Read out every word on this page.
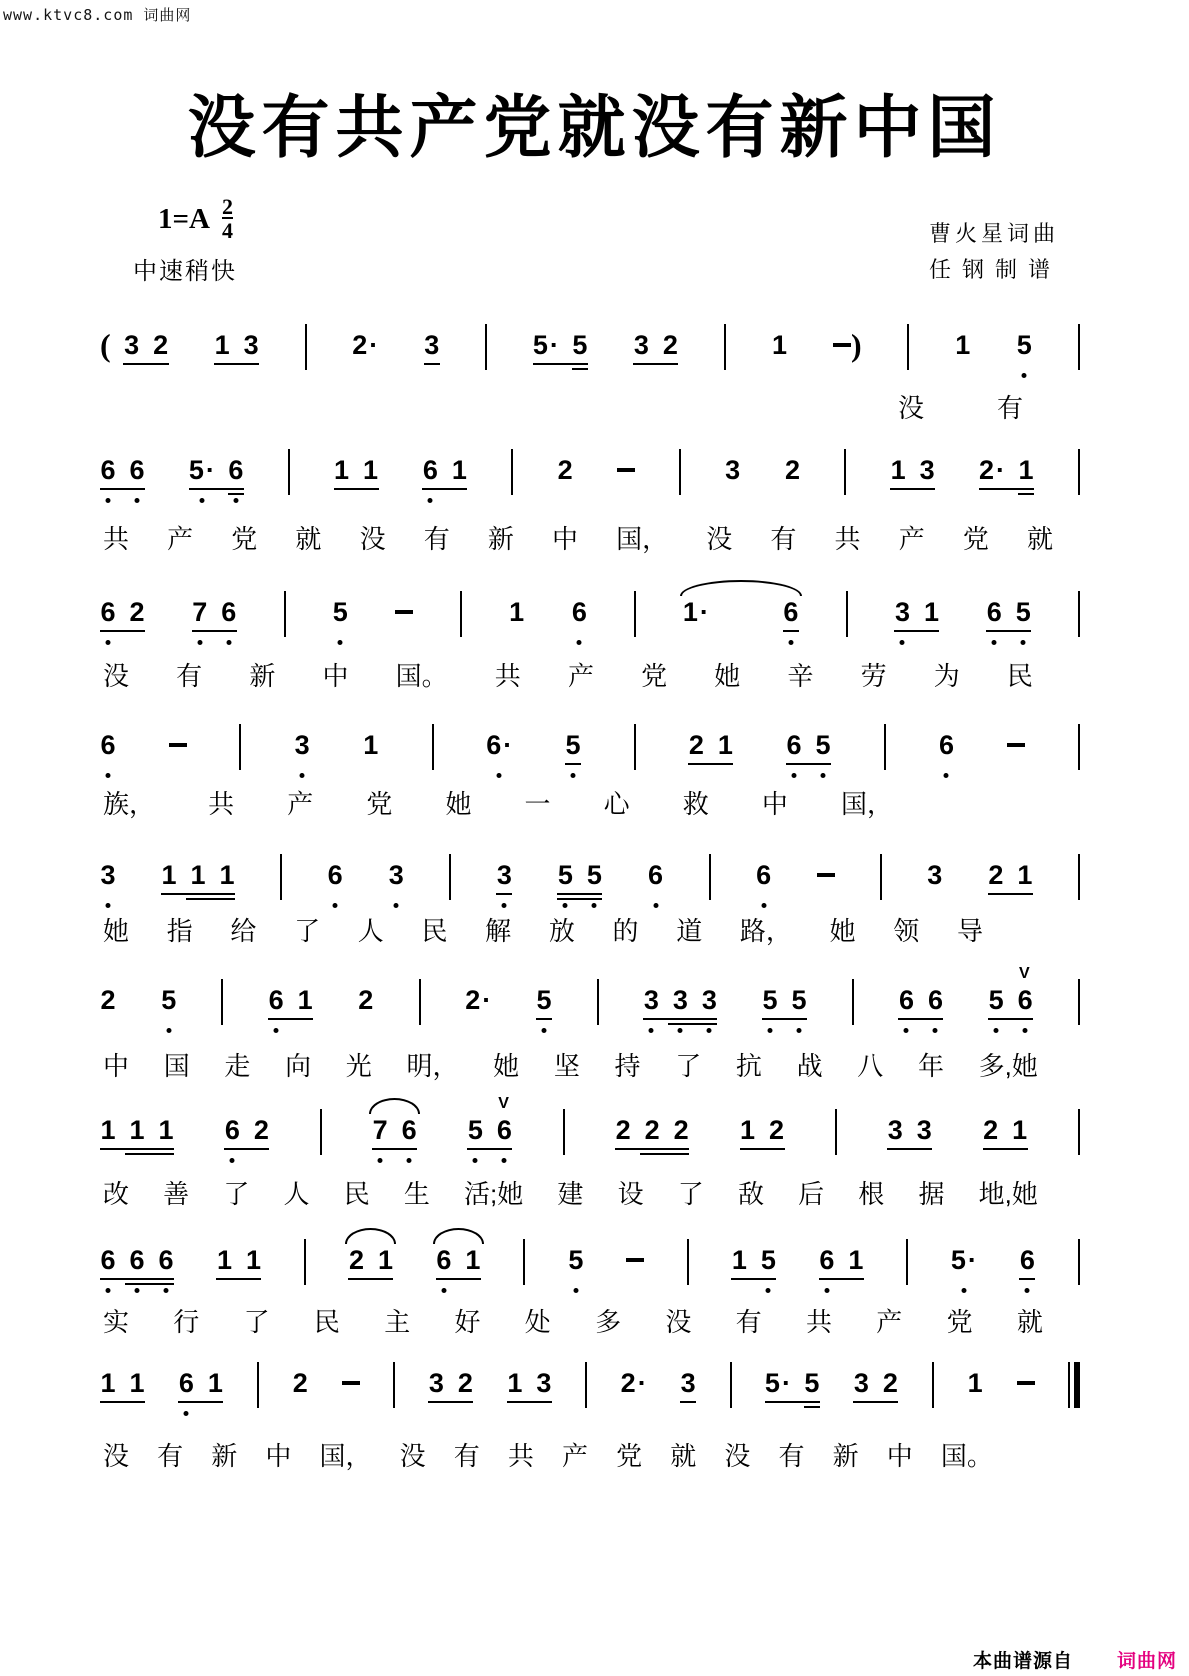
www.ktvc8.com 词曲网
没有共产党就没有新中国
$1=A \frac{2}{4}$
中速稍快
曹火星词曲
任钢制谱
( 3 2 1 3	2· 3	5· 5 3 2	1 )	1 5
没	有
6 6 5· 6	1 1 6 1	2	3 2	1 3 2· 1
共 产 党 就 没 有 新 中 国， 没 有 共 产 党 就
6 2 7 6	5	1 6	1·	6	3 1 6 5
没 有 新 中 国。 共 产 党 她 辛 劳 为 民
6	3 1	6· 5	2 1 6 5	6
族， 共 产 党 她 一 心 救 中 国，
3 1 1 1	6 3	3 5 5 6	6	3 2 1
她 指 给 了 人 民 解 放 的 道 路， 她 领 导
2 5	6 1 2	2· 5	3 3 3 5 5	6 6 5
V
6
中 国 走 向 光 明， 她 坚 持 了 抗 战 八 年 多,她
1 1 1 6 2	7 6 5
V
6	2 2 2 1 2	3 3 2 1
改 善 了 人 民 生 活;她 建 设 了 敌 后 根 据 地,她
6 6 6 1 1	2 1 6 1	5	1 5 6 1	5· 6
实 行 了 民 主 好 处 多 没 有 共 产 党 就
1 1 6 1	2	3 2 1 3	2· 3	5· 5 3 2	1
没 有 新 中 国， 没 有 共 产 党 就 没 有 新 中 国。
本曲谱源自 词曲网
